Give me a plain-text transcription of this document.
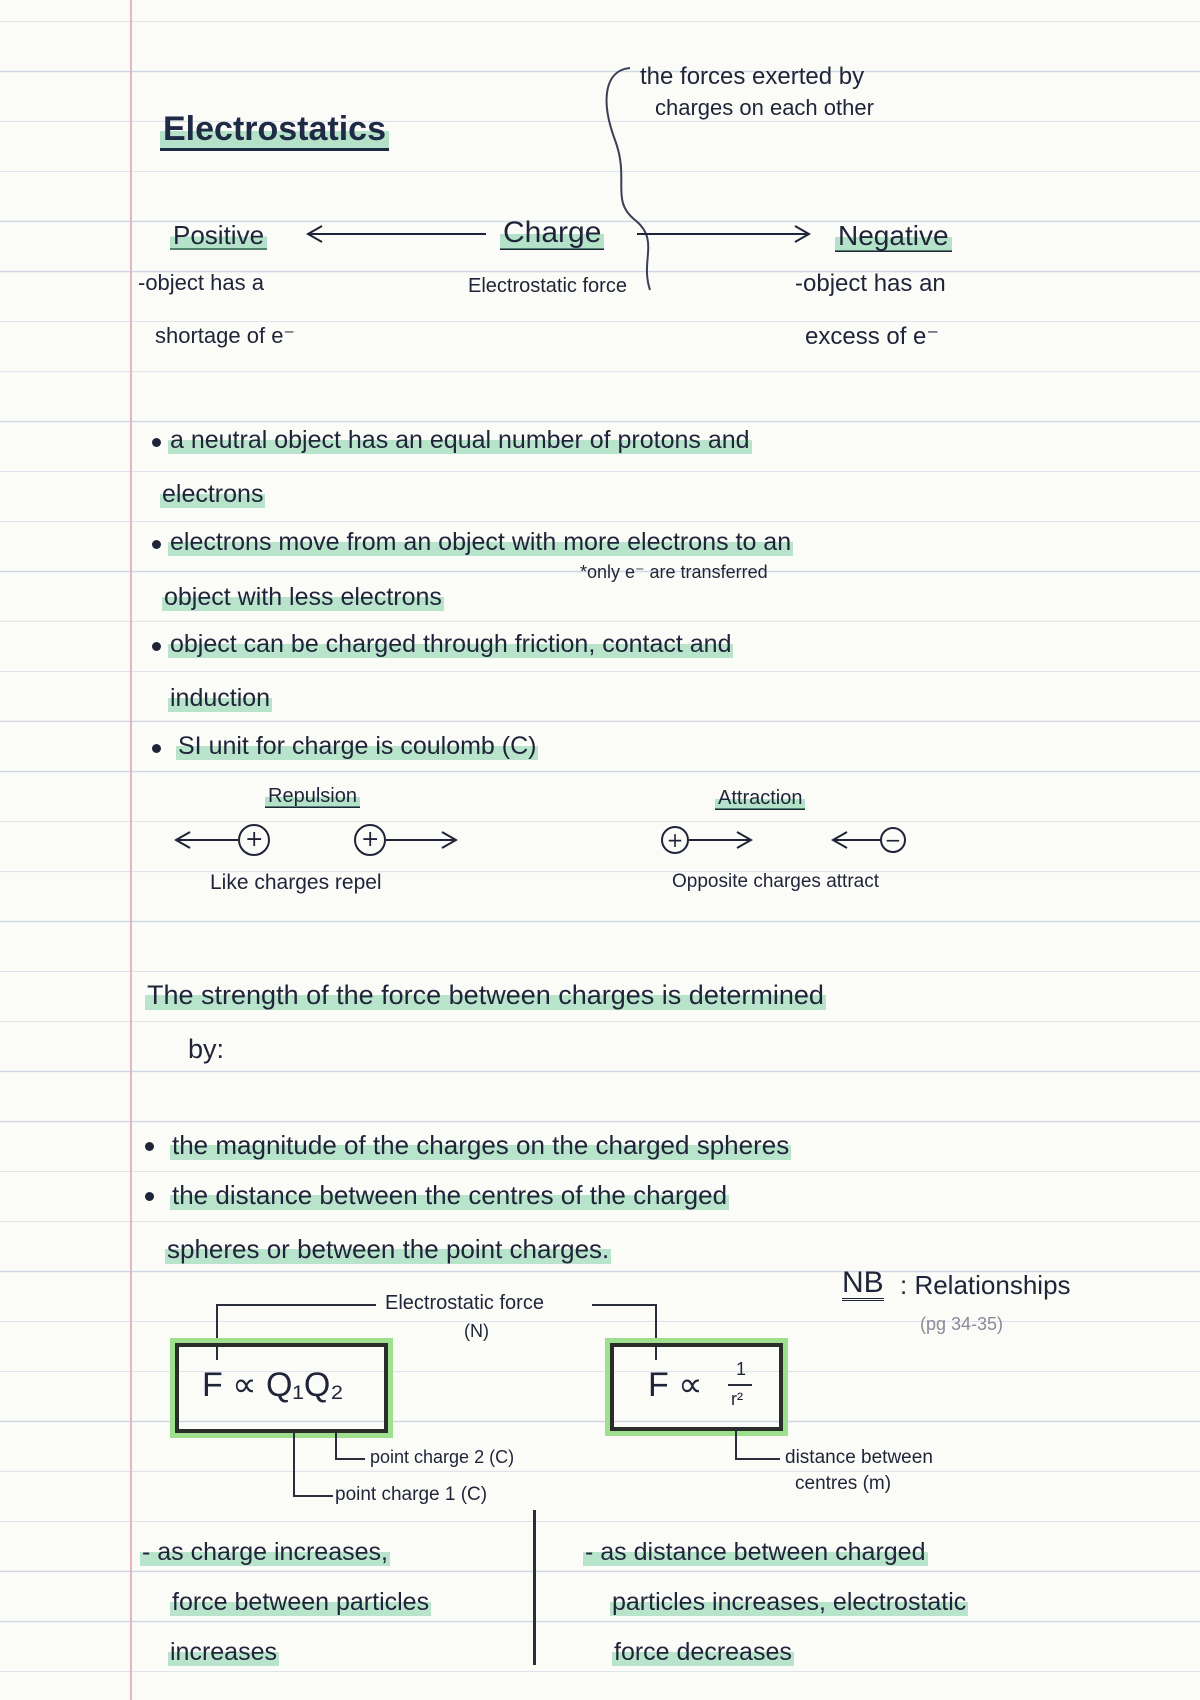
Electrostatics
the forces exerted by
charges on each other
Positive	Charge	Negative
Electrostatic force
-object has a
shortage of e⁻
-object has an
excess of e⁻
a neutral object has an equal number of protons and
electrons
electrons move from an object with more electrons to an
*only e⁻ are transferred
object with less electrons
object can be charged through friction, contact and
induction
SI unit for charge is coulomb (C)
Repulsion
+	+
Like charges repel
Attraction
+	−
Opposite charges attract
The strength of the force between charges is determined
by:
the magnitude of the charges on the charged spheres
the distance between the centres of the charged
spheres or between the point charges.
NB : Relationships
(pg 34-35)
Electrostatic force
(N)
F ∝ Q₁Q₂	F ∝ 1
r²
point charge 2 (C)
point charge 1 (C)
distance between
centres (m)
- as charge increases,
force between particles
increases
- as distance between charged
particles increases, electrostatic
force decreases
